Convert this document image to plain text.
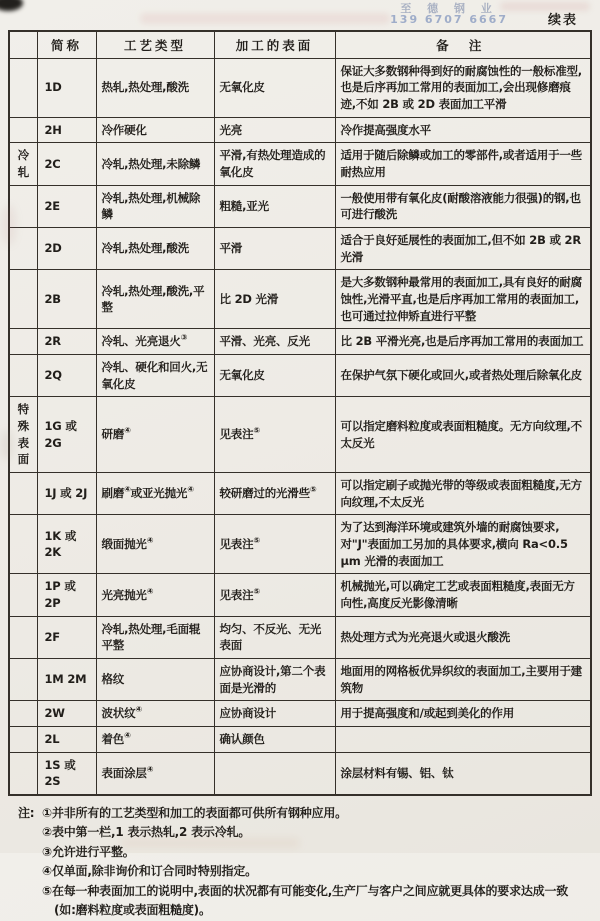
至 德 钢 业
139 6707 6667	续表
	简称	工艺类型	加工的表面	备 注
	1D	热轧,热处理,酸洗	无氧化皮	保证大多数钢种得到好的耐腐蚀性的一般标准型,也是后序再加工常用的表面加工,会出现修磨痕迹,不如 2B 或 2D 表面加工平滑
	2H	冷作硬化	光亮	冷作提高强度水平
冷轧	2C	冷轧,热处理,未除鳞	平滑,有热处理造成的氧化皮	适用于随后除鳞或加工的零部件,或者适用于一些耐热应用
	2E	冷轧,热处理,机械除鳞	粗糙,亚光	一般使用带有氧化皮(耐酸溶液能力很强)的钢,也可进行酸洗
	2D	冷轧,热处理,酸洗	平滑	适合于良好延展性的表面加工,但不如 2B 或 2R 光滑
	2B	冷轧,热处理,酸洗,平整	比 2D 光滑	是大多数钢种最常用的表面加工,具有良好的耐腐蚀性,光滑平直,也是后序再加工常用的表面加工,也可通过拉伸矫直进行平整
	2R	冷轧、光亮退火③	平滑、光亮、反光	比 2B 平滑光亮,也是后序再加工常用的表面加工
	2Q	冷轧、硬化和回火,无氧化皮	无氧化皮	在保护气氛下硬化或回火,或者热处理后除氧化皮
特殊表面	1G 或 2G	研磨④	见表注⑤	可以指定磨料粒度或表面粗糙度。无方向纹理,不太反光
	1J 或 2J	刷磨④或亚光抛光④	较研磨过的光滑些⑤	可以指定刷子或抛光带的等级或表面粗糙度,无方向纹理,不太反光
	1K 或 2K	缎面抛光④	见表注⑤	为了达到海洋环境或建筑外墙的耐腐蚀要求,对"J"表面加工另加的具体要求,横向 Ra<0.5 μm 光滑的表面加工
	1P 或 2P	光亮抛光④	见表注⑤	机械抛光,可以确定工艺或表面粗糙度,表面无方向性,高度反光影像清晰
	2F	冷轧,热处理,毛面辊平整	均匀、不反光、无光表面	热处理方式为光亮退火或退火酸洗
	1M 2M	格纹	应协商设计,第二个表面是光滑的	地面用的网格板优异织纹的表面加工,主要用于建筑物
	2W	波状纹④	应协商设计	用于提高强度和/或起到美化的作用
	2L	着色④	确认颜色	
	1S 或 2S	表面涂层④		涂层材料有锡、铝、钛
注: ①并非所有的工艺类型和加工的表面都可供所有钢种应用。
②表中第一栏,1 表示热轧,2 表示冷轧。
③允许进行平整。
④仅单面,除非询价和订合同时特别指定。
⑤在每一种表面加工的说明中,表面的状况都有可能变化,生产厂与客户之间应就更具体的要求达成一致(如:磨料粒度或表面粗糙度)。
